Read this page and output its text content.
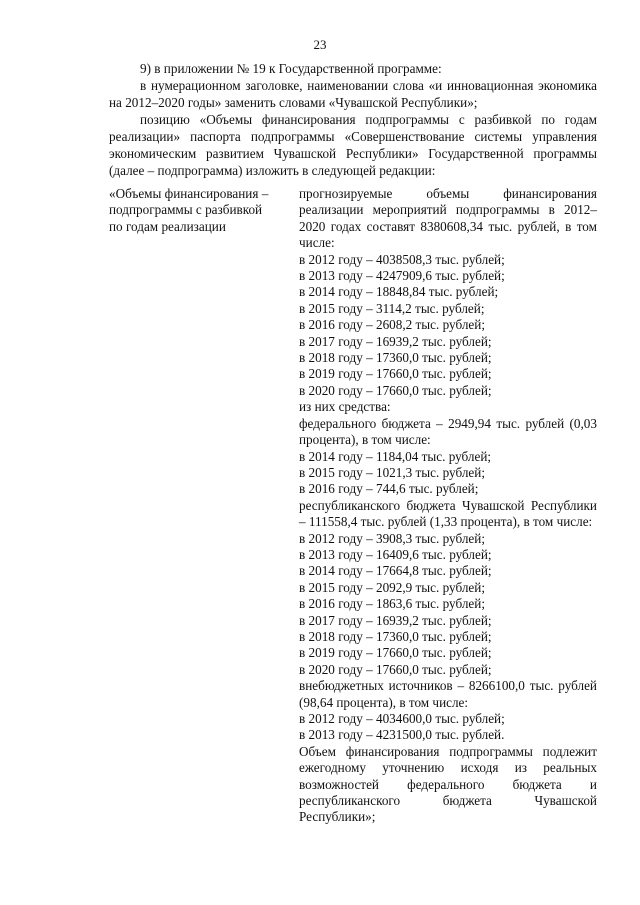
23

9) в приложении № 19 к Государственной программе:

в нумерационном заголовке, наименовании слова «и инновационная экономика на 2012–2020 годы» заменить словами «Чувашской Республики»;

позицию «Объемы финансирования подпрограммы с разбивкой по годам реализации» паспорта подпрограммы «Совершенствование системы управления экономическим развитием Чувашской Республики» Государственной программы (далее – подпрограмма) изложить в следующей редакции:

«Объемы финансирования –
подпрограммы с разбивкой
по годам реализации
прогнозируемые объемы финансирования реализации мероприятий подпрограммы в 2012–2020 годах составят 8380608,34 тыс. рублей, в том числе:
в 2012 году – 4038508,3 тыс. рублей;
в 2013 году – 4247909,6 тыс. рублей;
в 2014 году – 18848,84 тыс. рублей;
в 2015 году – 3114,2 тыс. рублей;
в 2016 году – 2608,2 тыс. рублей;
в 2017 году – 16939,2 тыс. рублей;
в 2018 году – 17360,0 тыс. рублей;
в 2019 году – 17660,0 тыс. рублей;
в 2020 году – 17660,0 тыс. рублей;
из них средства:
федерального бюджета – 2949,94 тыс. рублей (0,03 процента), в том числе:
в 2014 году – 1184,04 тыс. рублей;
в 2015 году – 1021,3 тыс. рублей;
в 2016 году – 744,6 тыс. рублей;
республиканского бюджета Чувашской Республики – 111558,4 тыс. рублей (1,33 процента), в том числе:
в 2012 году – 3908,3 тыс. рублей;
в 2013 году – 16409,6 тыс. рублей;
в 2014 году – 17664,8 тыс. рублей;
в 2015 году – 2092,9 тыс. рублей;
в 2016 году – 1863,6 тыс. рублей;
в 2017 году – 16939,2 тыс. рублей;
в 2018 году – 17360,0 тыс. рублей;
в 2019 году – 17660,0 тыс. рублей;
в 2020 году – 17660,0 тыс. рублей;
внебюджетных источников – 8266100,0 тыс. рублей (98,64 процента), в том числе:
в 2012 году – 4034600,0 тыс. рублей;
в 2013 году – 4231500,0 тыс. рублей.
Объем финансирования подпрограммы подлежит ежегодному уточнению исходя из реальных возможностей федерального бюджета и республиканского бюджета Чувашской Республики»;
